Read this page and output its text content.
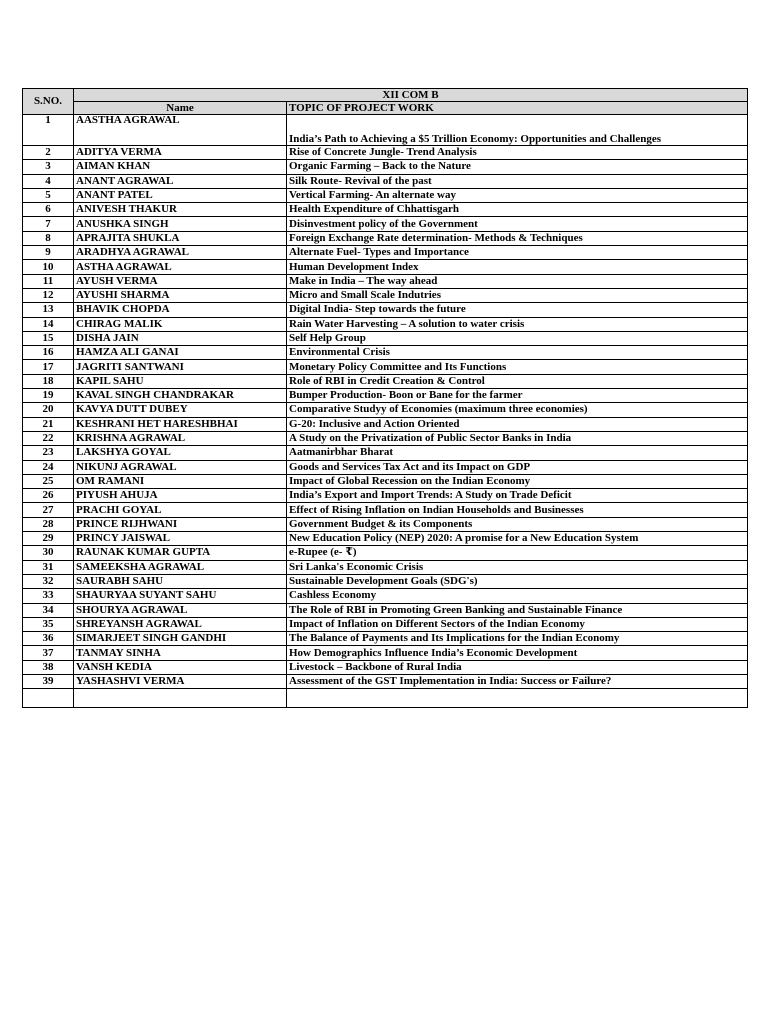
S.NO.	XII COM B	
	Name	TOPIC OF PROJECT WORK
1	AASTHA AGRAWAL	India’s Path to Achieving a $5 Trillion Economy: Opportunities and Challenges
2	ADITYA VERMA	Rise of Concrete Jungle- Trend Analysis
3	AIMAN KHAN	Organic Farming – Back to the Nature
4	ANANT AGRAWAL	Silk Route- Revival of the past
5	ANANT PATEL	Vertical Farming- An alternate way
6	ANIVESH THAKUR	Health Expenditure of Chhattisgarh
7	ANUSHKA SINGH	Disinvestment policy of the Government
8	APRAJITA SHUKLA	Foreign Exchange Rate determination- Methods & Techniques
9	ARADHYA AGRAWAL	Alternate Fuel- Types and Importance
10	ASTHA AGRAWAL	Human Development Index
11	AYUSH VERMA	Make in India – The way ahead
12	AYUSHI SHARMA	Micro and Small Scale Indutries
13	BHAVIK CHOPDA	Digital India- Step towards the future
14	CHIRAG MALIK	Rain Water Harvesting – A solution to water crisis
15	DISHA JAIN	Self Help Group
16	HAMZA ALI GANAI	Environmental Crisis
17	JAGRITI SANTWANI	Monetary Policy Committee and Its Functions
18	KAPIL SAHU	Role of RBI in Credit Creation & Control
19	KAVAL SINGH CHANDRAKAR	Bumper Production- Boon or Bane for the farmer
20	KAVYA DUTT DUBEY	Comparative Studyy of Economies (maximum three economies)
21	KESHRANI HET HARESHBHAI	G-20: Inclusive and Action Oriented
22	KRISHNA AGRAWAL	A Study on the Privatization of Public Sector Banks in India
23	LAKSHYA GOYAL	Aatmanirbhar Bharat
24	NIKUNJ AGRAWAL	Goods and Services Tax Act and its Impact on GDP
25	OM RAMANI	Impact of Global Recession on the Indian Economy
26	PIYUSH AHUJA	India’s Export and Import Trends: A Study on Trade Deficit
27	PRACHI GOYAL	Effect of Rising Inflation on Indian Households and Businesses
28	PRINCE RIJHWANI	Government Budget & its Components
29	PRINCY JAISWAL	New Education Policy (NEP) 2020: A promise for a New Education System
30	RAUNAK KUMAR GUPTA	e-Rupee (e- ₹)
31	SAMEEKSHA AGRAWAL	Sri Lanka's Economic Crisis
32	SAURABH SAHU	Sustainable Development Goals (SDG's)
33	SHAURYAA SUYANT SAHU	Cashless Economy
34	SHOURYA AGRAWAL	The Role of RBI in Promoting Green Banking and Sustainable Finance
35	SHREYANSH AGRAWAL	Impact of Inflation on Different Sectors of the Indian Economy
36	SIMARJEET SINGH GANDHI	The Balance of Payments and Its Implications for the Indian Economy
37	TANMAY SINHA	How Demographics Influence India’s Economic Development
38	VANSH KEDIA	Livestock – Backbone of Rural India
39	YASHASHVI VERMA	Assessment of the GST Implementation in India: Success or Failure?
